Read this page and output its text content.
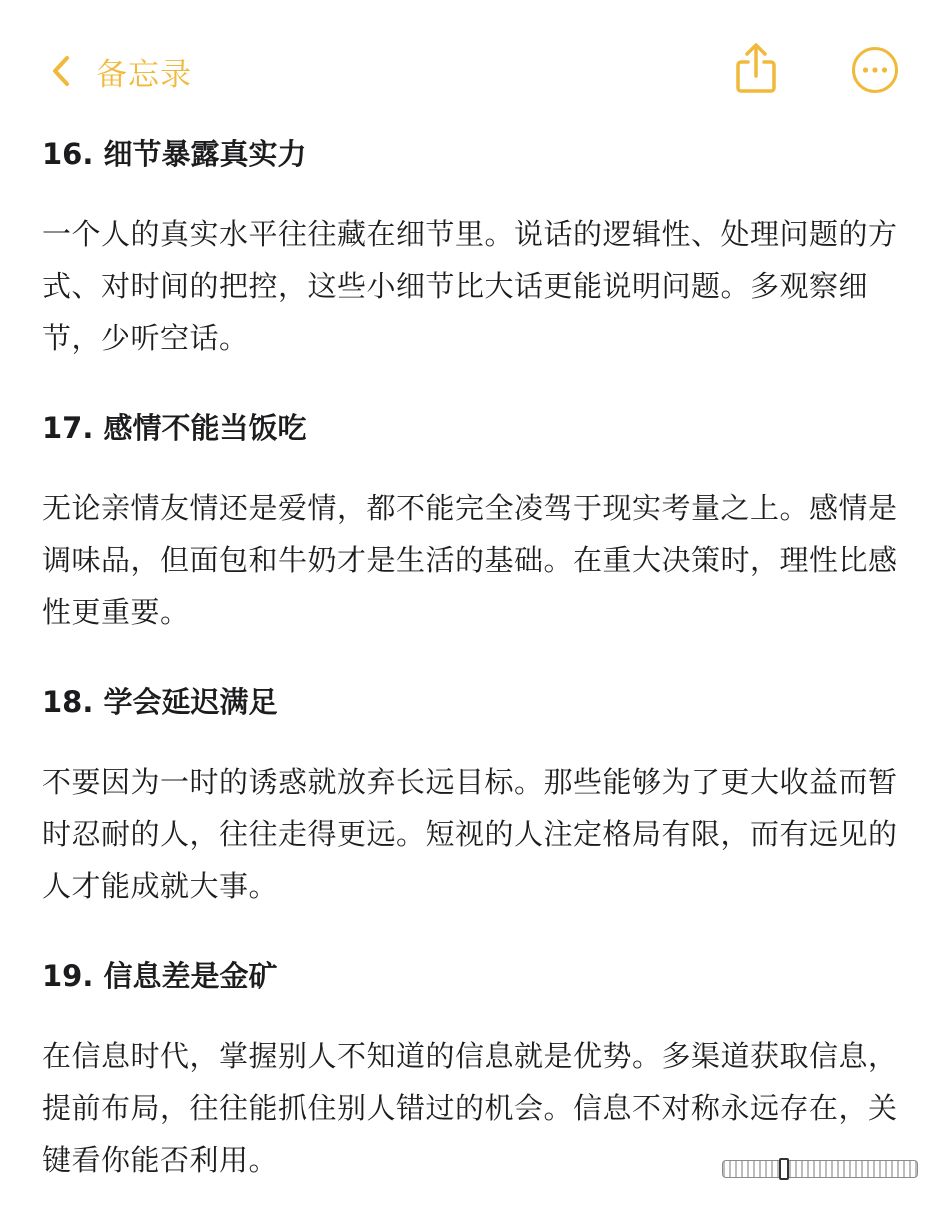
备忘录
16. 细节暴露真实力

一个人的真实水平往往藏在细节里。说话的逻辑性、处理问题的方式、对时间的把控，这些小细节比大话更能说明问题。多观察细节，少听空话。

17. 感情不能当饭吃

无论亲情友情还是爱情，都不能完全凌驾于现实考量之上。感情是调味品，但面包和牛奶才是生活的基础。在重大决策时，理性比感性更重要。

18. 学会延迟满足

不要因为一时的诱惑就放弃长远目标。那些能够为了更大收益而暂时忍耐的人，往往走得更远。短视的人注定格局有限，而有远见的人才能成就大事。

19. 信息差是金矿

在信息时代，掌握别人不知道的信息就是优势。多渠道获取信息，提前布局，往往能抓住别人错过的机会。信息不对称永远存在，关键看你能否利用。
